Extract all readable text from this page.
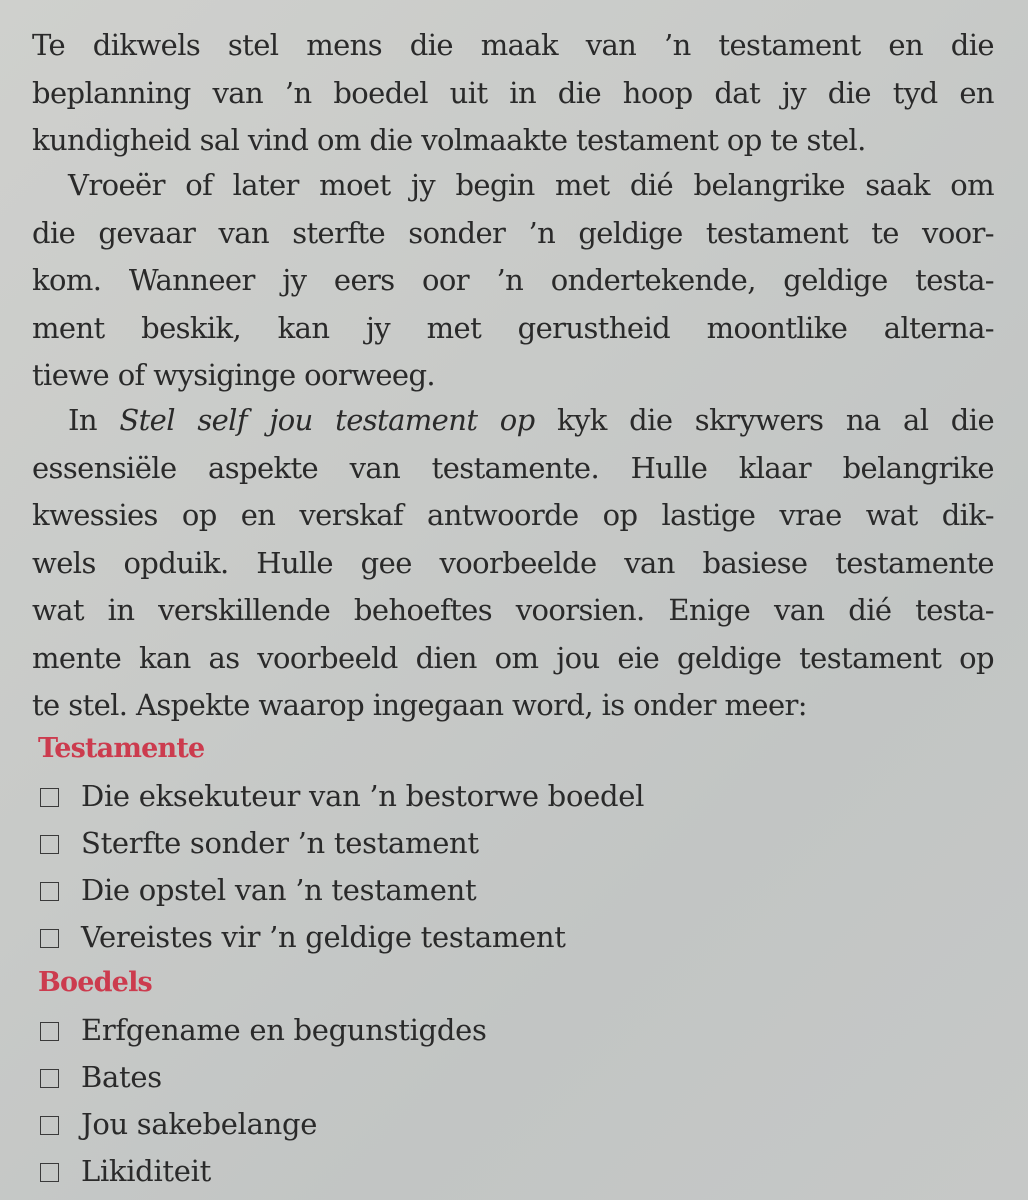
Te dikwels stel mens die maak van ’n testament en die
beplanning van ’n boedel uit in die hoop dat jy die tyd en
kundigheid sal vind om die volmaakte testament op te stel.
Vroeër of later moet jy begin met dié belangrike saak om
die gevaar van sterfte sonder ’n geldige testament te voor-
kom. Wanneer jy eers oor ’n ondertekende, geldige testa-
ment beskik, kan jy met gerustheid moontlike alterna-
tiewe of wysiginge oorweeg.
In Stel self jou testament op kyk die skrywers na al die
essensiële aspekte van testamente. Hulle klaar belangrike
kwessies op en verskaf antwoorde op lastige vrae wat dik-
wels opduik. Hulle gee voorbeelde van basiese testamente
wat in verskillende behoeftes voorsien. Enige van dié testa-
mente kan as voorbeeld dien om jou eie geldige testament op
te stel. Aspekte waarop ingegaan word, is onder meer:
Testamente
Die eksekuteur van ’n bestorwe boedel
Sterfte sonder ’n testament
Die opstel van ’n testament
Vereistes vir ’n geldige testament
Boedels
Erfgename en begunstigdes
Bates
Jou sakebelange
Likiditeit
